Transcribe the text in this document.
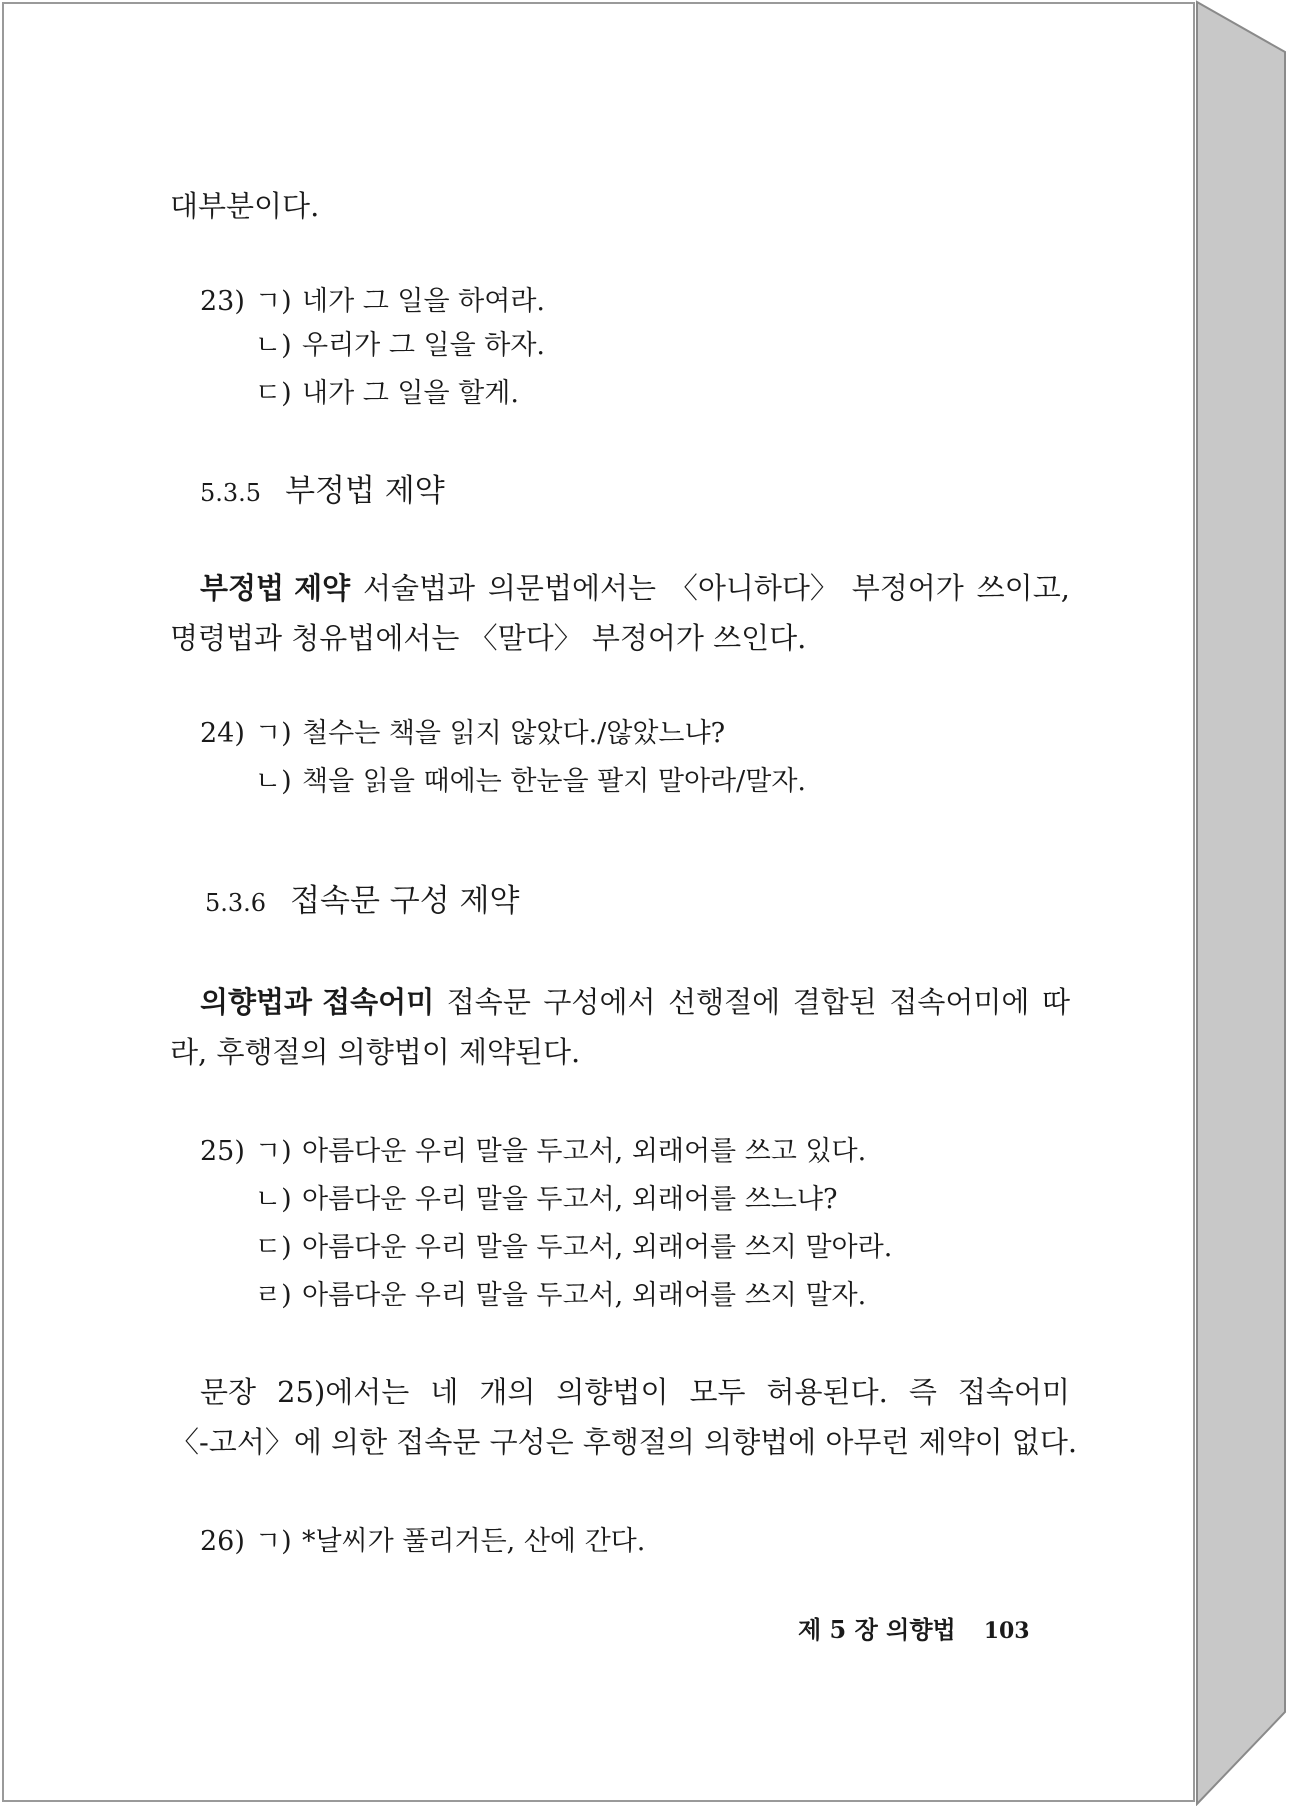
대부분이다.
23) ㄱ) 네가 그 일을 하여라.
ㄴ) 우리가 그 일을 하자.
ㄷ) 내가 그 일을 할게.
5.3.5 부정법 제약
부정법 제약 서술법과 의문법에서는 〈아니하다〉 부정어가 쓰이고,
명령법과 청유법에서는 〈말다〉 부정어가 쓰인다.
24) ㄱ) 철수는 책을 읽지 않았다./않았느냐?
ㄴ) 책을 읽을 때에는 한눈을 팔지 말아라/말자.
5.3.6 접속문 구성 제약
의향법과 접속어미 접속문 구성에서 선행절에 결합된 접속어미에 따
라, 후행절의 의향법이 제약된다.
25) ㄱ) 아름다운 우리 말을 두고서, 외래어를 쓰고 있다.
ㄴ) 아름다운 우리 말을 두고서, 외래어를 쓰느냐?
ㄷ) 아름다운 우리 말을 두고서, 외래어를 쓰지 말아라.
ㄹ) 아름다운 우리 말을 두고서, 외래어를 쓰지 말자.
문장 25)에서는 네 개의 의향법이 모두 허용된다. 즉 접속어미
〈-고서〉에 의한 접속문 구성은 후행절의 의향법에 아무런 제약이 없다.
26) ㄱ) *날씨가 풀리거든, 산에 간다.
제 5 장 의향법 103
